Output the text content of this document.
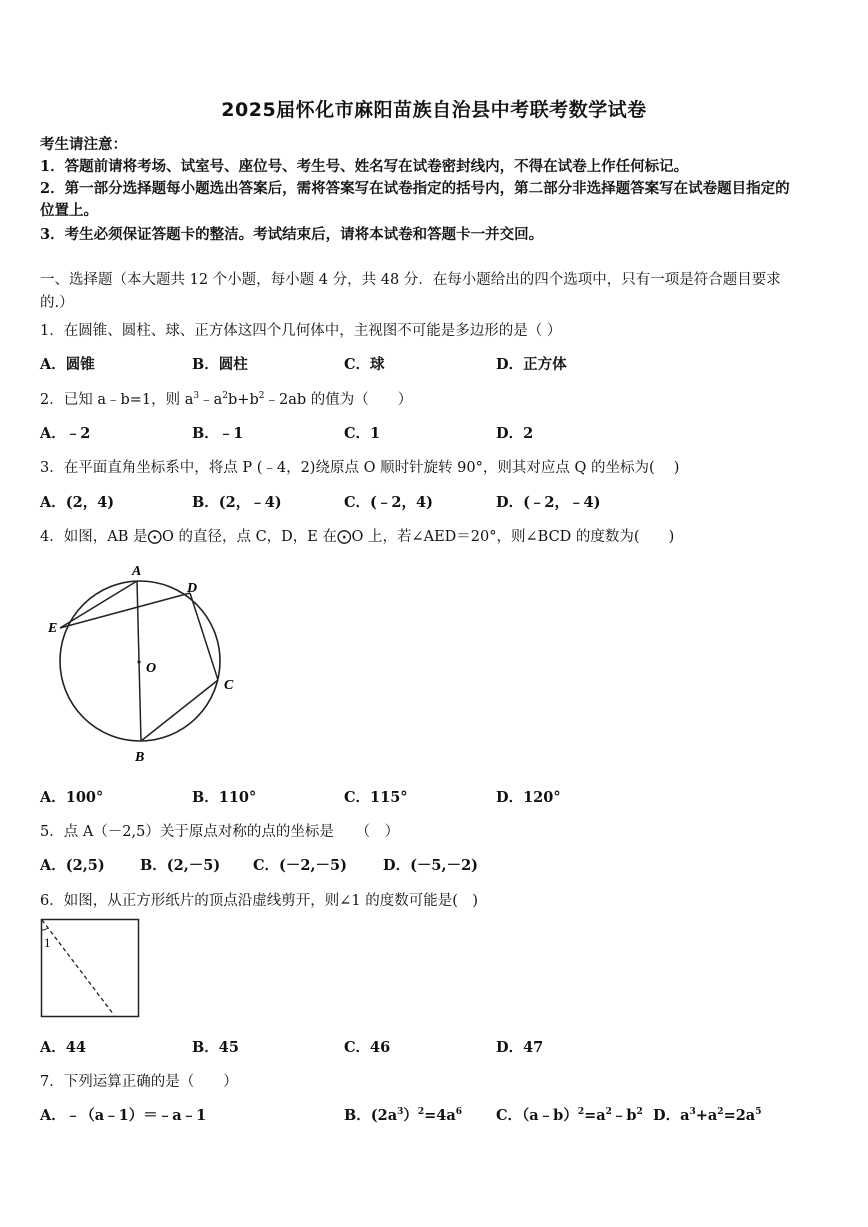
2025届怀化市麻阳苗族自治县中考联考数学试卷
考生请注意：
1．答题前请将考场、试室号、座位号、考生号、姓名写在试卷密封线内，不得在试卷上作任何标记。
2．第一部分选择题每小题选出答案后，需将答案写在试卷指定的括号内，第二部分非选择题答案写在试卷题目指定的
位置上。
3．考生必须保证答题卡的整洁。考试结束后，请将本试卷和答题卡一并交回。
一、选择题（本大题共 12 个小题，每小题 4 分，共 48 分．在每小题给出的四个选项中，只有一项是符合题目要求
的.）
1．在圆锥、圆柱、球、正方体这四个几何体中，主视图不可能是多边形的是（ ）
A．圆锥	B．圆柱	C．球	D．正方体
2．已知 a﹣b=1，则 $a^3﹣a^2b+b^2﹣2ab$ 的值为（　　）
A．﹣2	B．﹣1	C．1	D．2
3．在平面直角坐标系中，将点 P (﹣4，2)绕原点 O 顺时针旋转 90°，则其对应点 Q 的坐标为(　 )
A．(2，4)	B．(2，﹣4)	C．(﹣2，4)	D．(﹣2，﹣4)
4．如图，AB 是⨀O 的直径，点 C，D，E 在⨀O 上，若∠AED＝20°，则∠BCD 的度数为(　　)
A
D
E
O
C
B
A．100°	B．110°	C．115°	D．120°
5．点 A（－2,5）关于原点对称的点的坐标是　　（　）
A．(2,5) B．(2,－5) C．(－2,－5) D．(－5,－2)
6．如图，从正方形纸片的顶点沿虚线剪开，则∠1 的度数可能是(　)
1
A．44	B．45	C．46	D．47
7．下列运算正确的是（　　）
A．﹣（a﹣1）＝﹣a﹣1	B．$(2a^3)^2=4a^6$ C．$(a﹣b)^2=a^2﹣b^2$ D．$a^3+a^2=2a^5$
